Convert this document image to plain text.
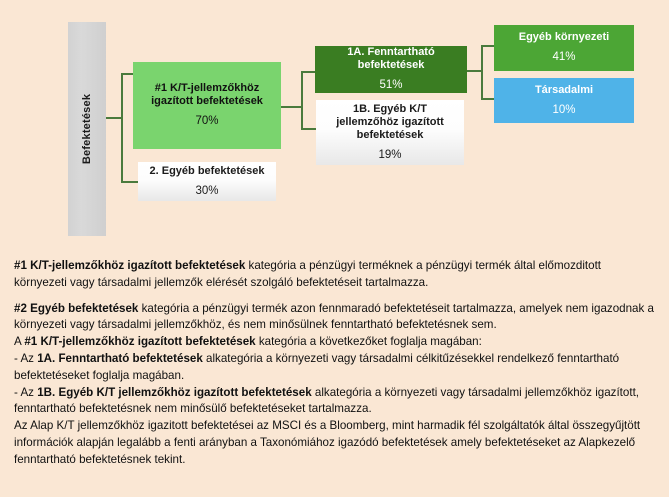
Befektetések
#1 K/T-jellemzőkhöz igazított befektetések
70%
2. Egyéb befektetések
30%
1A. Fenntartható befektetések
51%
1B. Egyéb K/T jellemzőhöz igazított befektetések
19%
Egyéb környezeti
41%
Társadalmi
10%

#1 K/T-jellemzőkhöz igazított befektetések kategória a pénzügyi terméknek a pénzügyi termék által előmozditott környezeti vagy társadalmi jellemzők elérését szolgáló befektetéseit tartalmazza.

#2 Egyéb befektetések kategória a pénzügyi termék azon fennmaradó befektetéseit tartalmazza, amelyek nem igazodnak a környezeti vagy társadalmi jellemzőkhöz, és nem minősülnek fenntartható befektetésnek sem.

A #1 K/T-jellemzőkhöz igazított befektetések kategória a következőket foglalja magában:

- Az 1A. Fenntartható befektetések alkategória a környezeti vagy társadalmi célkitűzésekkel rendelkező fenntartható befektetéseket foglalja magában.

- Az 1B. Egyéb K/T jellemzőkhöz igazított befektetések alkategória a környezeti vagy társadalmi jellemzőkhöz igazított, fenntartható befektetésnek nem minősülő befektetéseket tartalmazza.

Az Alap K/T jellemzőkhöz igazitott befektetései az MSCI és a Bloomberg, mint harmadik fél szolgáltatók által összegyűjtött információk alapján legalább a fenti arányban a Taxonómiához igazódó befektetések amely befektetéseket az Alapkezelő fenntartható befektetésnek tekint.
